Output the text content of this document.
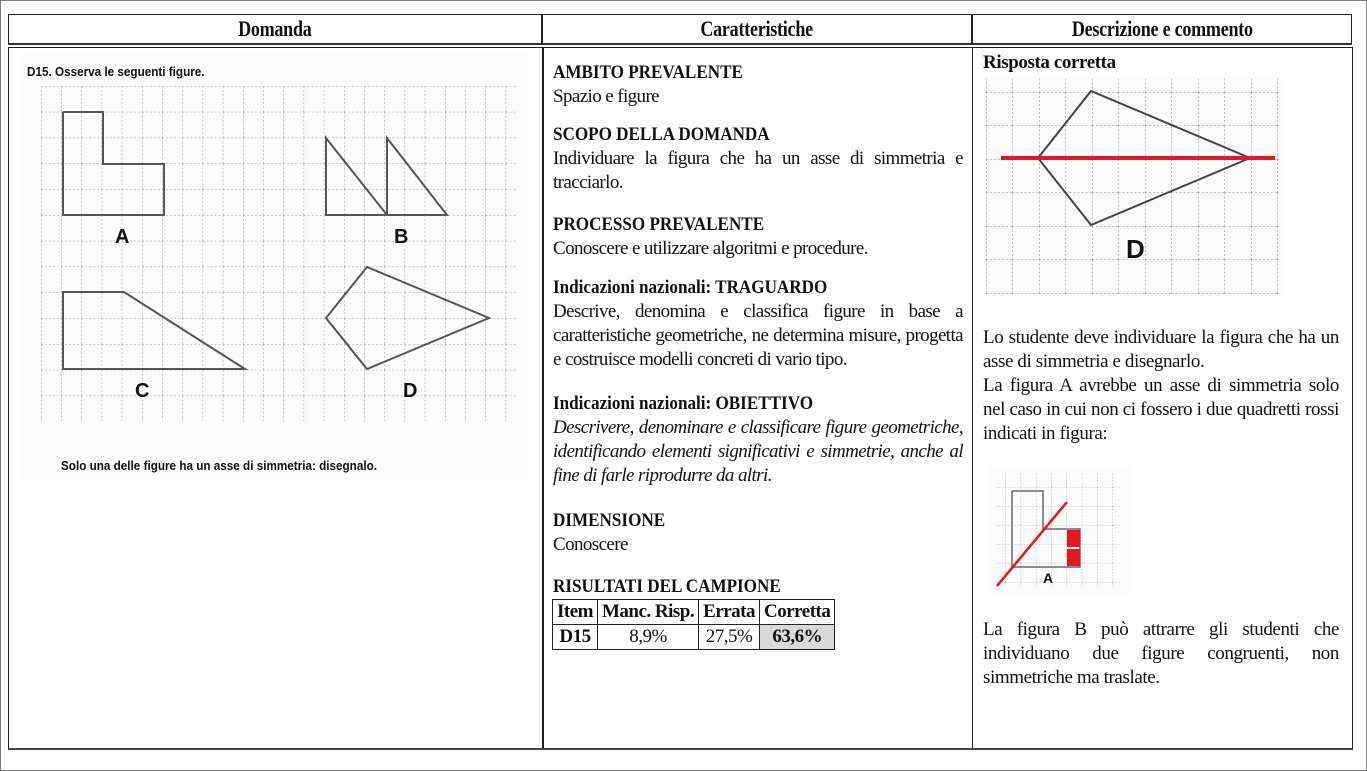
Domanda	Caratteristiche	Descrizione e commento
D15. Osserva le seguenti figure.
A	B
C	D
Solo una delle figure ha un asse di simmetria: disegnalo.
AMBITO PREVALENTE
Spazio e figure
SCOPO DELLA DOMANDA
Individuare la figura che ha un asse di simmetria e tracciarlo.
PROCESSO PREVALENTE
Conoscere e utilizzare algoritmi e procedure.
Indicazioni nazionali: TRAGUARDO
Descrive, denomina e classifica figure in base a caratteristiche geometriche, ne determina misure, progetta e costruisce modelli concreti di vario tipo.
Indicazioni nazionali: OBIETTIVO
Descrivere, denominare e classificare figure geometriche, identificando elementi significativi e simmetrie, anche al fine di farle riprodurre da altri.
DIMENSIONE
Conoscere
RISULTATI DEL CAMPIONE
Item	Manc. Risp.	Errata	Corretta
D15	8,9%	27,5%	63,6%
Risposta corretta
D
Lo studente deve individuare la figura che ha un asse di simmetria e disegnarlo.
La figura A avrebbe un asse di simmetria solo nel caso in cui non ci fossero i due quadretti rossi indicati in figura:
A
La figura B può attrarre gli studenti che individuano due figure congruenti, non simmetriche ma traslate.
